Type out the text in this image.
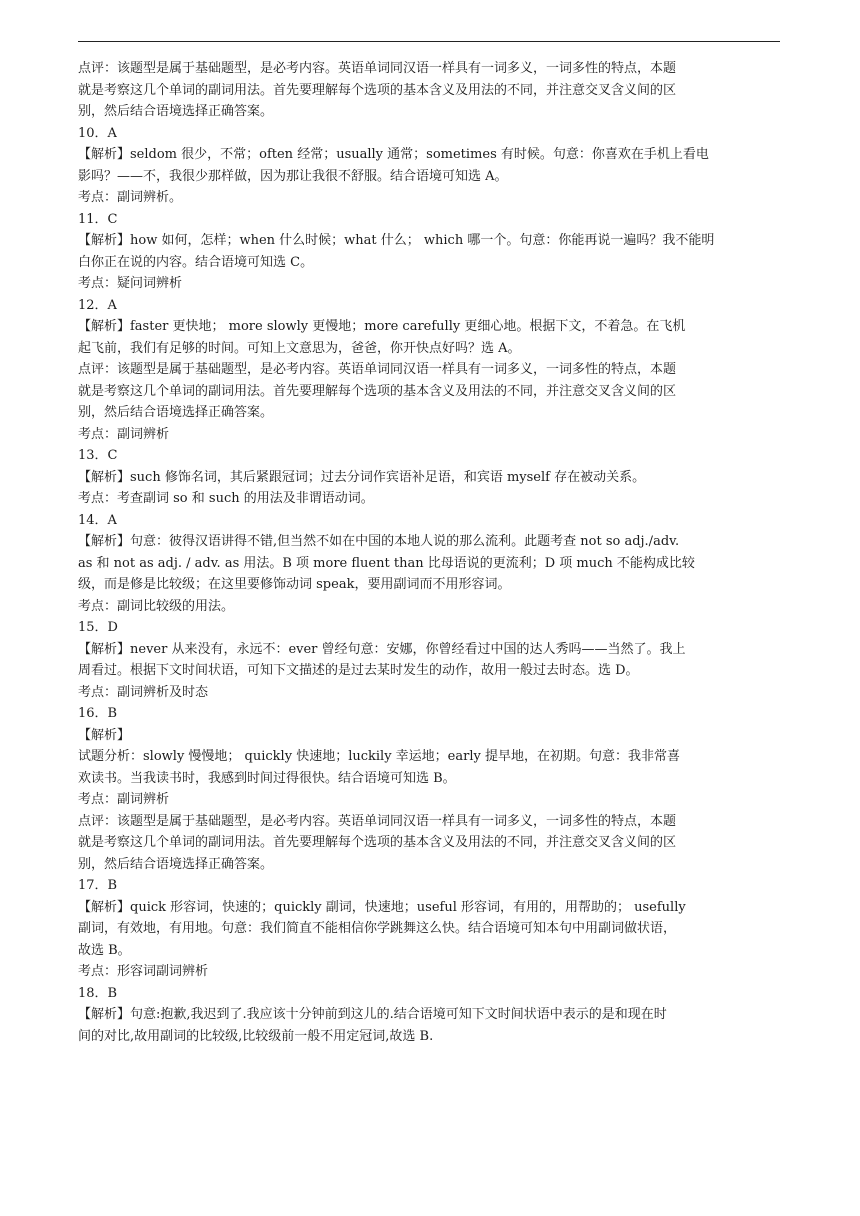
点评：该题型是属于基础题型，是必考内容。英语单词同汉语一样具有一词多义，一词多性的特点，本题

就是考察这几个单词的副词用法。首先要理解每个选项的基本含义及用法的不同，并注意交叉含义间的区

别，然后结合语境选择正确答案。

10．A

【解析】seldom 很少，不常；often 经常；usually 通常；sometimes 有时候。句意：你喜欢在手机上看电

影吗？——不，我很少那样做，因为那让我很不舒服。结合语境可知选 A。

考点：副词辨析。

11．C

【解析】how 如何，怎样；when 什么时候；what 什么； which 哪一个。句意：你能再说一遍吗？我不能明

白你正在说的内容。结合语境可知选 C。

考点：疑问词辨析

12．A

【解析】faster 更快地； more slowly 更慢地；more carefully 更细心地。根据下文，不着急。在飞机

起飞前，我们有足够的时间。可知上文意思为，爸爸，你开快点好吗？选 A。

点评：该题型是属于基础题型，是必考内容。英语单词同汉语一样具有一词多义，一词多性的特点，本题

就是考察这几个单词的副词用法。首先要理解每个选项的基本含义及用法的不同，并注意交叉含义间的区

别，然后结合语境选择正确答案。

考点：副词辨析

13．C

【解析】such 修饰名词，其后紧跟冠词；过去分词作宾语补足语，和宾语 myself 存在被动关系。

考点：考查副词 so 和 such 的用法及非谓语动词。

14．A

【解析】句意：彼得汉语讲得不错,但当然不如在中国的本地人说的那么流利。此题考查 not so adj./adv.

as 和 not as adj. / adv. as 用法。B 项 more fluent than 比母语说的更流利；D 项 much 不能构成比较

级，而是修是比较级；在这里要修饰动词 speak，要用副词而不用形容词。

考点：副词比较级的用法。

15．D

【解析】never 从来没有，永远不：ever 曾经句意：安娜，你曾经看过中国的达人秀吗——当然了。我上

周看过。根据下文时间状语，可知下文描述的是过去某时发生的动作，故用一般过去时态。选 D。

考点：副词辨析及时态

16．B

【解析】

试题分析：slowly 慢慢地； quickly 快速地；luckily 幸运地；early 提早地，在初期。句意：我非常喜

欢读书。当我读书时，我感到时间过得很快。结合语境可知选 B。

考点：副词辨析

点评：该题型是属于基础题型，是必考内容。英语单词同汉语一样具有一词多义，一词多性的特点，本题

就是考察这几个单词的副词用法。首先要理解每个选项的基本含义及用法的不同，并注意交叉含义间的区

别，然后结合语境选择正确答案。

17．B

【解析】quick 形容词，快速的；quickly 副词，快速地；useful 形容词，有用的，用帮助的； usefully

副词，有效地，有用地。句意：我们简直不能相信你学跳舞这么快。结合语境可知本句中用副词做状语，

故选 B。

考点：形容词副词辨析

18．B

【解析】句意:抱歉,我迟到了.我应该十分钟前到这儿的.结合语境可知下文时间状语中表示的是和现在时

间的对比,故用副词的比较级,比较级前一般不用定冠词,故选 B.
